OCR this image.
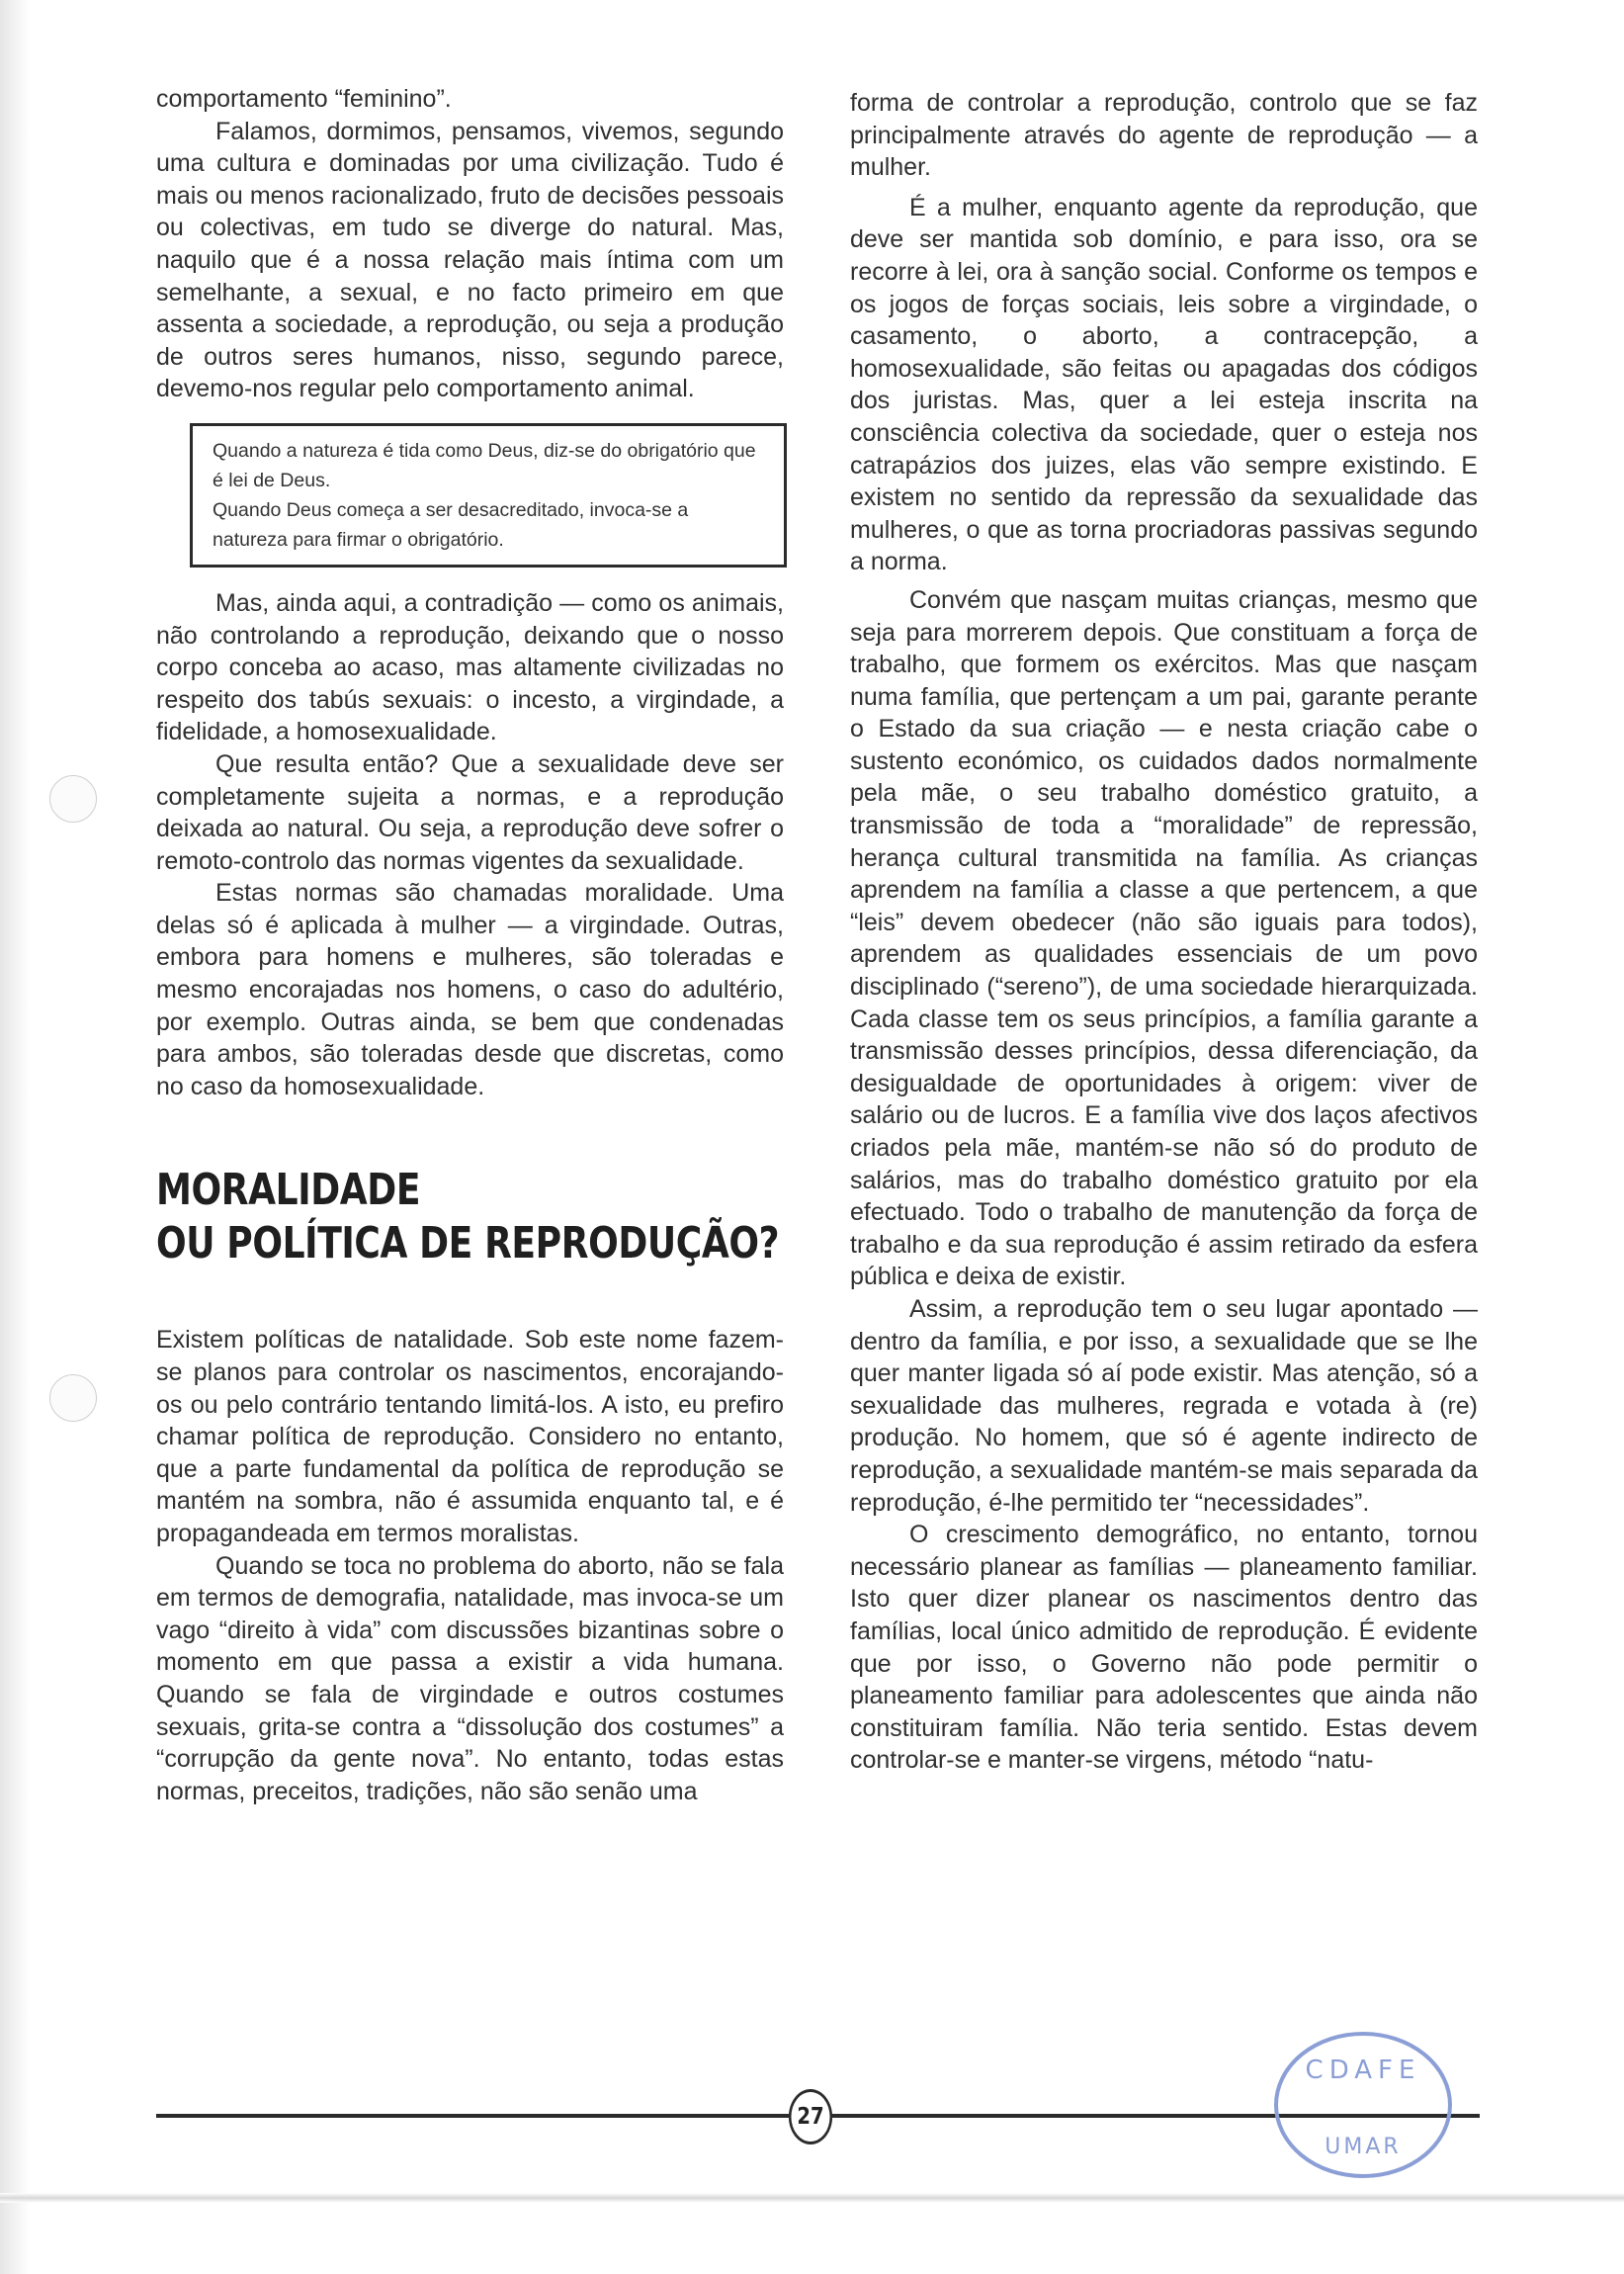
comportamento “feminino”.

Falamos, dormimos, pensamos, vivemos, segundo uma cultura e dominadas por uma civilização. Tudo é mais ou menos racionalizado, fruto de decisões pessoais ou colectivas, em tudo se diverge do natural. Mas, naquilo que é a nossa relação mais íntima com um semelhante, a sexual, e no facto primeiro em que assenta a sociedade, a reprodução, ou seja a produção de outros seres humanos, nisso, segundo parece, devemo-nos regular pelo comportamento animal.

Quando a natureza é tida como Deus, diz-se do obrigatório que é lei de Deus.

Quando Deus começa a ser desacreditado, invoca-se a natureza para firmar o obrigatório.

Mas, ainda aqui, a contradição — como os animais, não controlando a reprodução, deixando que o nosso corpo conceba ao acaso, mas altamente civilizadas no respeito dos tabús sexuais: o incesto, a virgindade, a fidelidade, a homosexualidade.

Que resulta então? Que a sexualidade deve ser completamente sujeita a normas, e a reprodução deixada ao natural. Ou seja, a reprodução deve sofrer o remoto-controlo das normas vigentes da sexualidade.

Estas normas são chamadas moralidade. Uma delas só é aplicada à mulher — a virgindade. Outras, embora para homens e mulheres, são toleradas e mesmo encorajadas nos homens, o caso do adultério, por exemplo. Outras ainda, se bem que condenadas para ambos, são toleradas desde que discretas, como no caso da homosexualidade.

MORALIDADE
OU POLÍTICA DE REPRODUÇÃO?

Existem políticas de natalidade. Sob este nome fazem-se planos para controlar os nascimentos, encorajando-os ou pelo contrário tentando limitá-los. A isto, eu prefiro chamar política de reprodução. Considero no entanto, que a parte fundamental da política de reprodução se mantém na sombra, não é assumida enquanto tal, e é propagandeada em termos moralistas.

Quando se toca no problema do aborto, não se fala em termos de demografia, natalidade, mas invoca-se um vago “direito à vida” com discussões bizantinas sobre o momento em que passa a existir a vida humana. Quando se fala de virgindade e outros costumes sexuais, grita-se contra a “dissolução dos costumes” a “corrupção da gente nova”. No entanto, todas estas normas, preceitos, tradições, não são senão uma

forma de controlar a reprodução, controlo que se faz principalmente através do agente de reprodução — a mulher.

É a mulher, enquanto agente da reprodução, que deve ser mantida sob domínio, e para isso, ora se recorre à lei, ora à sanção social. Conforme os tempos e os jogos de forças sociais, leis sobre a virgindade, o casamento, o aborto, a contracepção, a homosexualidade, são feitas ou apagadas dos códigos dos juristas. Mas, quer a lei esteja inscrita na consciência colectiva da sociedade, quer o esteja nos catrapázios dos juizes, elas vão sempre existindo. E existem no sentido da repressão da sexualidade das mulheres, o que as torna procriadoras passivas segundo a norma.

Convém que nasçam muitas crianças, mesmo que seja para morrerem depois. Que constituam a força de trabalho, que formem os exércitos. Mas que nasçam numa família, que pertençam a um pai, garante perante o Estado da sua criação — e nesta criação cabe o sustento económico, os cuidados dados normalmente pela mãe, o seu trabalho doméstico gratuito, a transmissão de toda a “moralidade” de repressão, herança cultural transmitida na família. As crianças aprendem na família a classe a que pertencem, a que “leis” devem obedecer (não são iguais para todos), aprendem as qualidades essenciais de um povo disciplinado (“sereno”), de uma sociedade hierarquizada. Cada classe tem os seus princípios, a família garante a transmissão desses princípios, dessa diferenciação, da desigualdade de oportunidades à origem: viver de salário ou de lucros. E a família vive dos laços afectivos criados pela mãe, mantém-se não só do produto de salários, mas do trabalho doméstico gratuito por ela efectuado. Todo o trabalho de manutenção da força de trabalho e da sua reprodução é assim retirado da esfera pública e deixa de existir.

Assim, a reprodução tem o seu lugar apontado — dentro da família, e por isso, a sexualidade que se lhe quer manter ligada só aí pode existir. Mas atenção, só a sexualidade das mulheres, regrada e votada à (re) produção. No homem, que só é agente indirecto de reprodução, a sexualidade mantém-se mais separada da reprodução, é-lhe permitido ter “necessidades”.

O crescimento demográfico, no entanto, tornou necessário planear as famílias — planeamento familiar. Isto quer dizer planear os nascimentos dentro das famílias, local único admitido de reprodução. É evidente que por isso, o Governo não pode permitir o planeamento familiar para adolescentes que ainda não constituiram família. Não teria sentido. Estas devem controlar-se e manter-se virgens, método “natu-

27
CDAFE
UMAR
